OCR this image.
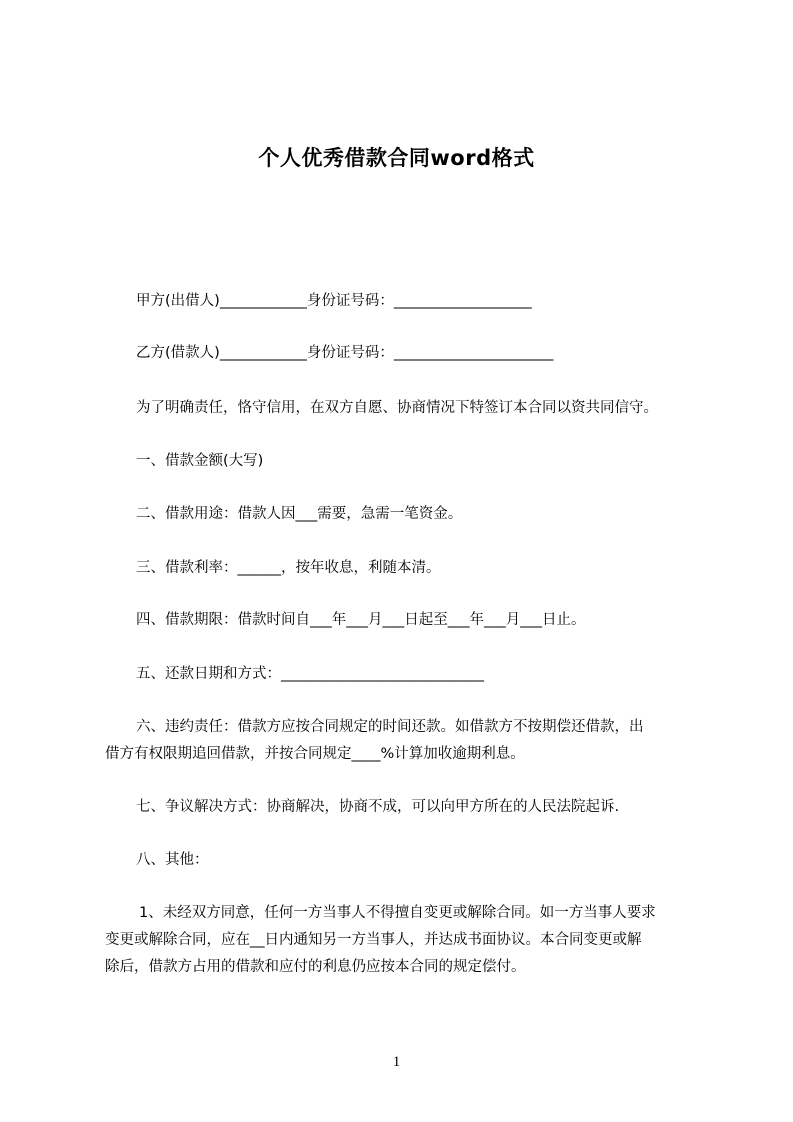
个人优秀借款合同word格式

甲方(出借人)____________身份证号码：___________________

乙方(借款人)____________身份证号码：______________________

为了明确责任，恪守信用，在双方自愿、协商情况下特签订本合同以资共同信守。

一、借款金额(大写)

二、借款用途：借款人因___需要，急需一笔资金。

三、借款利率：______，按年收息，利随本清。

四、借款期限：借款时间自___年___月___日起至___年___月___日止。

五、还款日期和方式：____________________________

六、违约责任：借款方应按合同规定的时间还款。如借款方不按期偿还借款，出
借方有权限期追回借款，并按合同规定____%计算加收逾期利息。

七、争议解决方式：协商解决，协商不成，可以向甲方所在的人民法院起诉.

八、其他：

1、未经双方同意，任何一方当事人不得擅自变更或解除合同。如一方当事人要求
变更或解除合同，应在__日内通知另一方当事人，并达成书面协议。本合同变更或解
除后，借款方占用的借款和应付的利息仍应按本合同的规定偿付。
1
